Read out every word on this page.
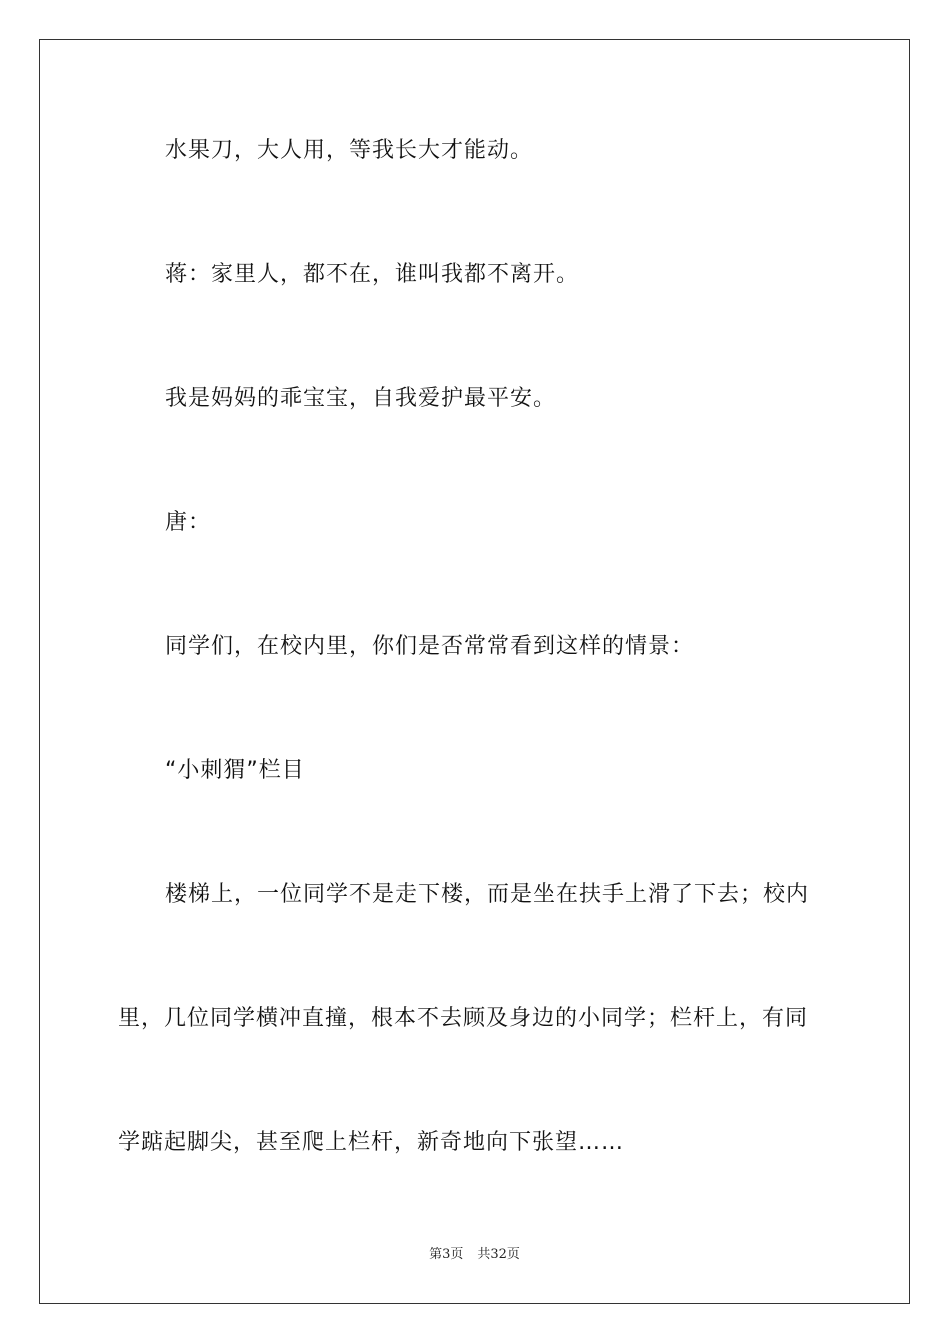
水果刀，大人用，等我长大才能动。
蒋：家里人，都不在，谁叫我都不离开。
我是妈妈的乖宝宝，自我爱护最平安。
唐：
同学们，在校内里，你们是否常常看到这样的情景：
“小刺猬”栏目
楼梯上，一位同学不是走下楼，而是坐在扶手上滑了下去；校内
里，几位同学横冲直撞，根本不去顾及身边的小同学；栏杆上，有同
学踮起脚尖，甚至爬上栏杆，新奇地向下张望……
第3页 共32页
